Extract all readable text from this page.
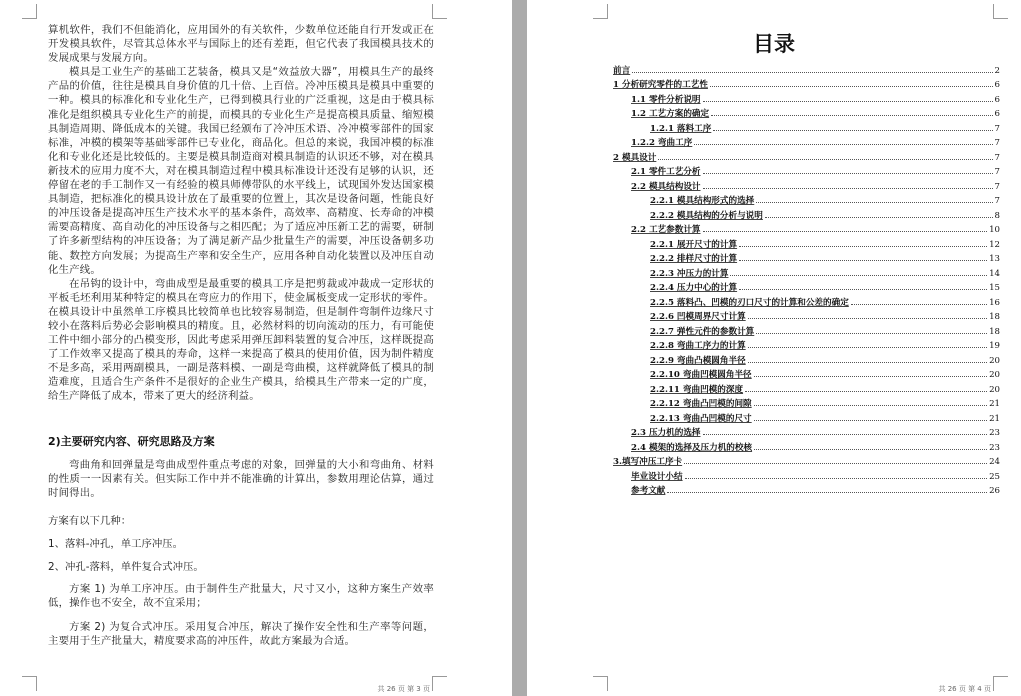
算机软件，我们不但能消化，应用国外的有关软件，少数单位还能自行开发或正在开发模具软件，尽管其总体水平与国际上的还有差距，但它代表了我国模具技术的发展成果与发展方向。

模具是工业生产的基础工艺装备，模具又是“效益放大器”，用模具生产的最终产品的价值，往往是模具自身价值的几十倍、上百倍。冷冲压模具是模具中重要的一种。模具的标准化和专业化生产，已得到模具行业的广泛重视，这是由于模具标准化是组织模具专业化生产的前提，而模具的专业化生产是提高模具质量、缩短模具制造周期、降低成本的关键。我国已经颁布了冷冲压术语、冷冲模零部件的国家标准，冲模的模架等基础零部件已专业化，商品化。但总的来说，我国冲模的标准化和专业化还是比较低的。主要是模具制造商对模具制造的认识还不够，对在模具新技术的应用力度不大，对在模具制造过程中模具标准设计还没有足够的认识，还停留在老的手工制作又一有经验的模具师傅带队的水平线上，试现国外发达国家模具制造，把标准化的模具设计放在了最重要的位置上，其次是设备问题，性能良好的冲压设备是提高冲压生产技术水平的基本条件，高效率、高精度、长寿命的冲模需要高精度、高自动化的冲压设备与之相匹配；为了适应冲压新工艺的需要，研制了许多新型结构的冲压设备；为了满足新产品少批量生产的需要，冲压设备朝多功能、数控方向发展；为提高生产率和安全生产，应用各种自动化装置以及冲压自动化生产线。

在吊钩的设计中，弯曲成型是最重要的模具工序是把剪裁或冲裁成一定形状的平板毛坯利用某种特定的模具在弯应力的作用下，使金属板变成一定形状的零件。在模具设计中虽然单工序模具比较简单也比较容易制造，但是制件弯制件边缘尺寸较小在落料后势必会影响模具的精度。且，必然材料的切向流动的压力，有可能使工件中细小部分的凸模变形，因此考虑采用弹压卸料装置的复合冲压，这样既提高了工作效率又提高了模具的寿命，这样一来提高了模具的使用价值，因为制件精度不是多高，采用两副模具，一副是落料模、一副是弯曲模，这样就降低了模具的制造难度，且适合生产条件不是很好的企业生产模具，给模具生产带来一定的广度，给生产降低了成本，带来了更大的经济利益。

2)主要研究内容、研究思路及方案

弯曲角和回弹量是弯曲成型件重点考虑的对象，回弹量的大小和弯曲角、材料的性质一一因素有关。但实际工作中并不能准确的计算出，参数用理论估算，通过时间得出。

方案有以下几种：
1、落料-冲孔，单工序冲压。
2、冲孔-落料，单件复合式冲压。

方案 1) 为单工序冲压。由于制件生产批量大，尺寸又小，这种方案生产效率低，操作也不安全，故不宜采用；

方案 2) 为复合式冲压。采用复合冲压，解决了操作安全性和生产率等问题，主要用于生产批量大，精度要求高的冲压件，故此方案最为合适。

共 26 页 第 3 页
目录
前言	2
1 分析研究零件的工艺性	6
1.1 零件分析说明	6
1.2 工艺方案的确定	6
1.2.1 落料工序	7
1.2.2 弯曲工序	7
2 模具设计	7
2.1 零件工艺分析	7
2.2 模具结构设计	7
2.2.1 模具结构形式的选择	7
2.2.2 模具结构的分析与说明	8
2.2 工艺参数计算	10
2.2.1 展开尺寸的计算	12
2.2.2 排样尺寸的计算	13
2.2.3 冲压力的计算	14
2.2.4 压力中心的计算	15
2.2.5 落料凸、凹模的刃口尺寸的计算和公差的确定	16
2.2.6 凹模周界尺寸计算	18
2.2.7 弹性元件的参数计算	18
2.2.8 弯曲工序力的计算	19
2.2.9 弯曲凸模圆角半径	20
2.2.10 弯曲凹模圆角半径	20
2.2.11 弯曲凹模的深度	20
2.2.12 弯曲凸凹模的间隙	21
2.2.13 弯曲凸凹模的尺寸	21
2.3 压力机的选择	23
2.4 模架的选择及压力机的校核	23
3.填写冲压工序卡	24
毕业设计小结	25
参考文献	26
共 26 页 第 4 页
